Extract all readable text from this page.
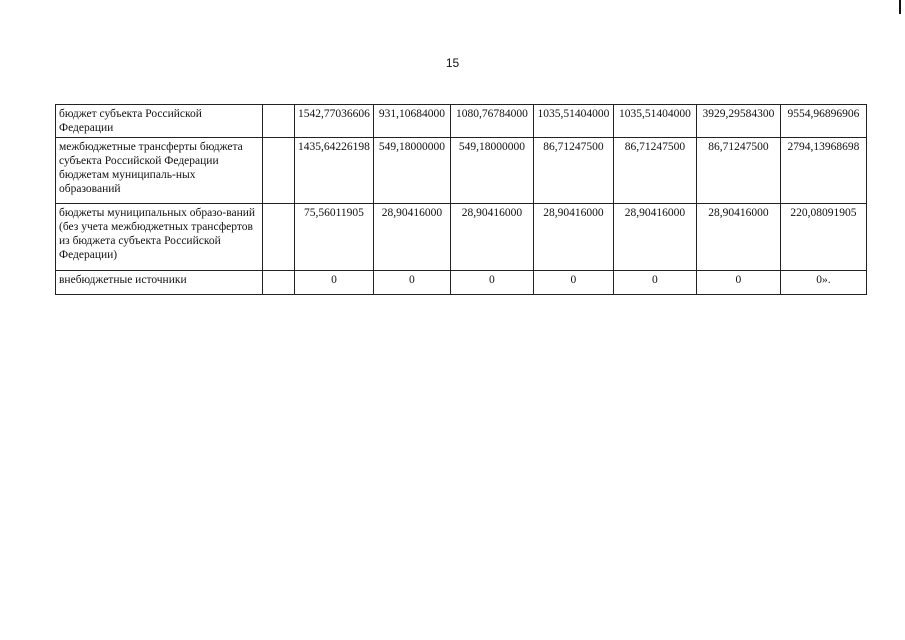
15
бюджет субъекта Российской Федерации		1542,77036606	931,10684000	1080,76784000	1035,51404000	1035,51404000	3929,29584300	9554,96896906
межбюджетные трансферты бюджета субъекта Российской Федерации бюджетам муниципаль-ных образований		1435,64226198	549,18000000	549,18000000	86,71247500	86,71247500	86,71247500	2794,13968698
бюджеты муниципальных образо-ваний (без учета межбюджетных трансфертов из бюджета субъекта Российской Федерации)		75,56011905	28,90416000	28,90416000	28,90416000	28,90416000	28,90416000	220,08091905
внебюджетные источники		0	0	0	0	0	0	0».
